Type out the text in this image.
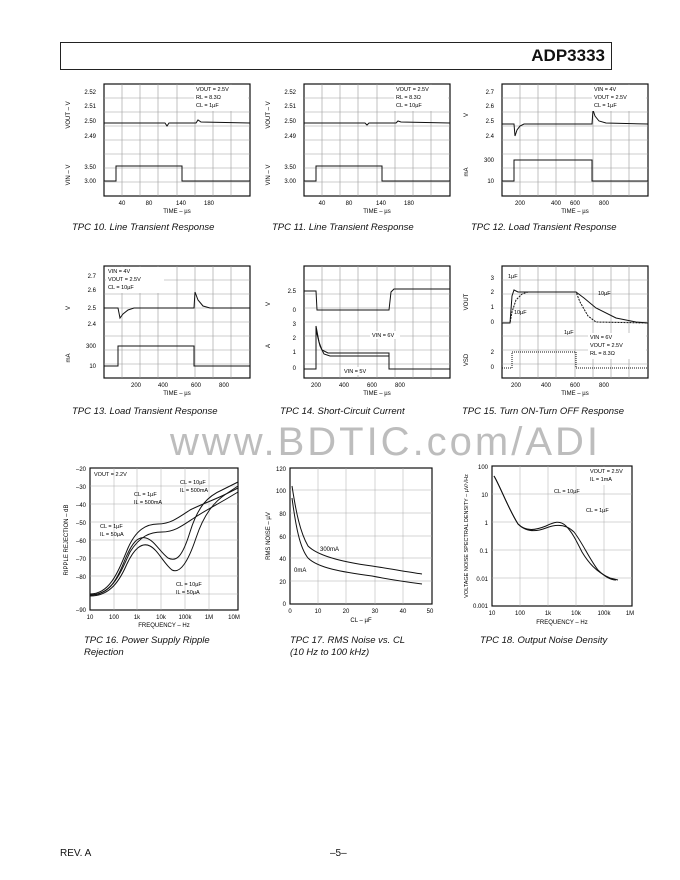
ADP3333
www.BDTIC.com/ADI
2.52
2.51
2.50
2.49
3.50
3.00
VOUT – V
VIN – V
40	80	140	180
TIME – µs
VOUT = 2.5V
RL = 8.3Ω
CL = 1µF
TPC 10. Line Transient Response
2.52
2.51
2.50
2.49
3.50
3.00
VOUT – V
VIN – V
40	80	140	180
TIME – µs
VOUT = 2.5V
RL = 8.3Ω
CL = 10µF
TPC 11. Line Transient Response
2.7
2.6
2.5
2.4
300
10
V
mA
200	400 600	800
TIME – µs
VIN = 4V
VOUT = 2.5V
CL = 1µF
TPC 12. Load Transient Response
2.7
2.6
2.5
2.4
300
10
V
mA
200	400	600	800
TIME – µs
VIN = 4V
VOUT = 2.5V
CL = 10µF
TPC 13. Load Transient Response
2.5
0
3
2
1
0
V
A
200	400	600	800
TIME – µs
VIN = 6V
VIN = 5V
TPC 14. Short-Circuit Current
3
2
1
0
2
0
VOUT
VSD
200	400	600	800
TIME – µs
1µF
10µF
10µF
1µF
VIN = 6V
VOUT = 2.5V
RL = 8.3Ω
TPC 15. Turn ON-Turn OFF Response
–20
–30
–40
–50
–60
–70
–80
–90
RIPPLE REJECTION – dB
10	100 1k	10k 100k 1M 10M
FREQUENCY – Hz
VOUT = 2.2V
CL = 1µF
IL = 500mA
CL = 10µF
IL = 500mA
CL = 1µF
IL = 50µA
CL = 10µF
IL = 50µA
TPC 16. Power Supply Ripple
Rejection
120
100
80
60
40
20
0
RMS NOISE – µV
0	10	20	30	40	50
CL – µF
300mA
0mA
TPC 17. RMS Noise vs. CL
(10 Hz to 100 kHz)
100
10
1
0.1
0.01
0.001
VOLTAGE NOISE SPECTRAL DENSITY – µV/√Hz
10	100	1k	10k	100k	1M
FREQUENCY – Hz
VOUT = 2.5V
IL = 1mA
CL = 10µF
CL = 1µF
TPC 18. Output Noise Density
REV. A	–5–
